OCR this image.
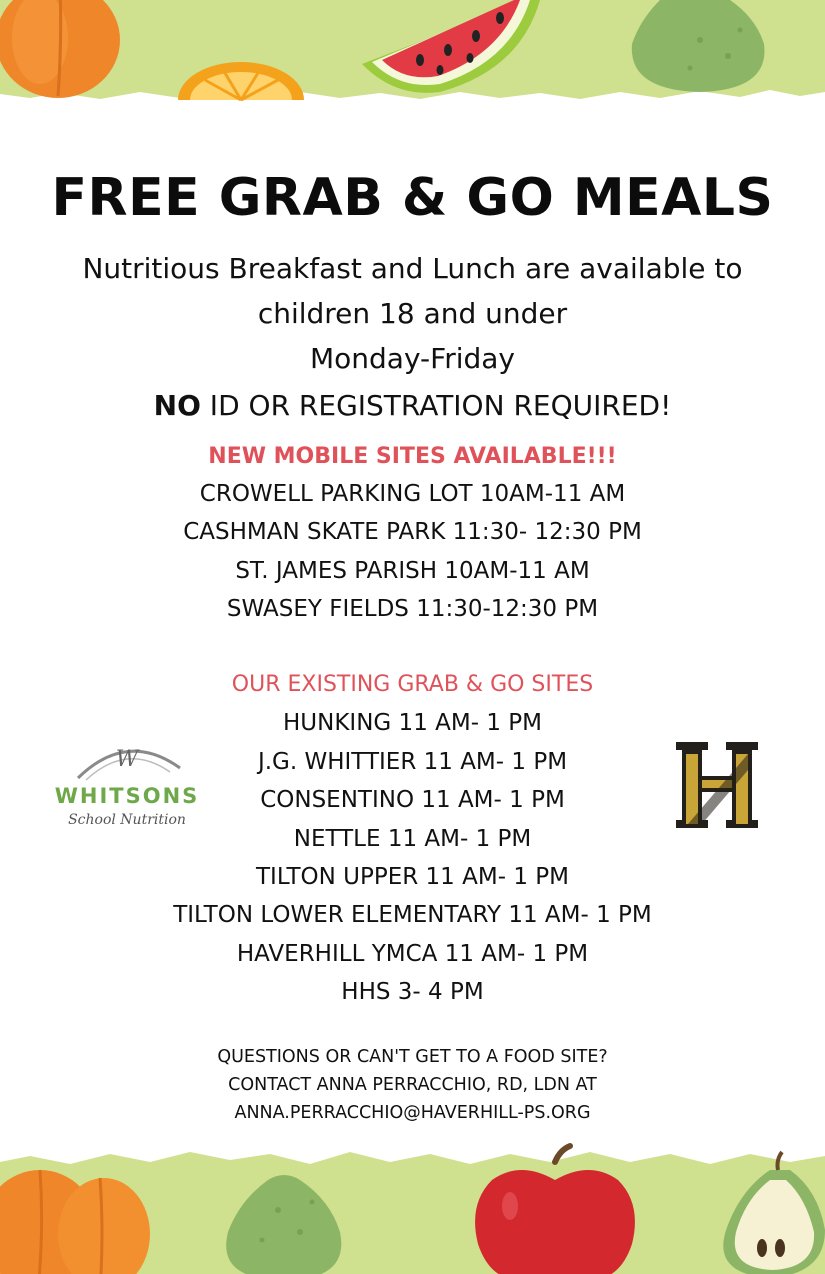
FREE GRAB & GO MEALS
Nutritious Breakfast and Lunch are available to
children 18 and under
Monday-Friday
NO ID OR REGISTRATION REQUIRED!
NEW MOBILE SITES AVAILABLE!!!
CROWELL PARKING LOT 10AM-11 AM
CASHMAN SKATE PARK 11:30- 12:30 PM
ST. JAMES PARISH 10AM-11 AM
SWASEY FIELDS 11:30-12:30 PM
OUR EXISTING GRAB & GO SITES
HUNKING 11 AM- 1 PM
J.G. WHITTIER 11 AM- 1 PM
CONSENTINO 11 AM- 1 PM
NETTLE 11 AM- 1 PM
TILTON UPPER 11 AM- 1 PM
TILTON LOWER ELEMENTARY 11 AM- 1 PM
HAVERHILL YMCA 11 AM- 1 PM
HHS 3- 4 PM
QUESTIONS OR CAN'T GET TO A FOOD SITE?
CONTACT ANNA PERRACCHIO, RD, LDN AT
ANNA.PERRACCHIO@HAVERHILL-PS.ORG
W
WHITSONS
School Nutrition
H
